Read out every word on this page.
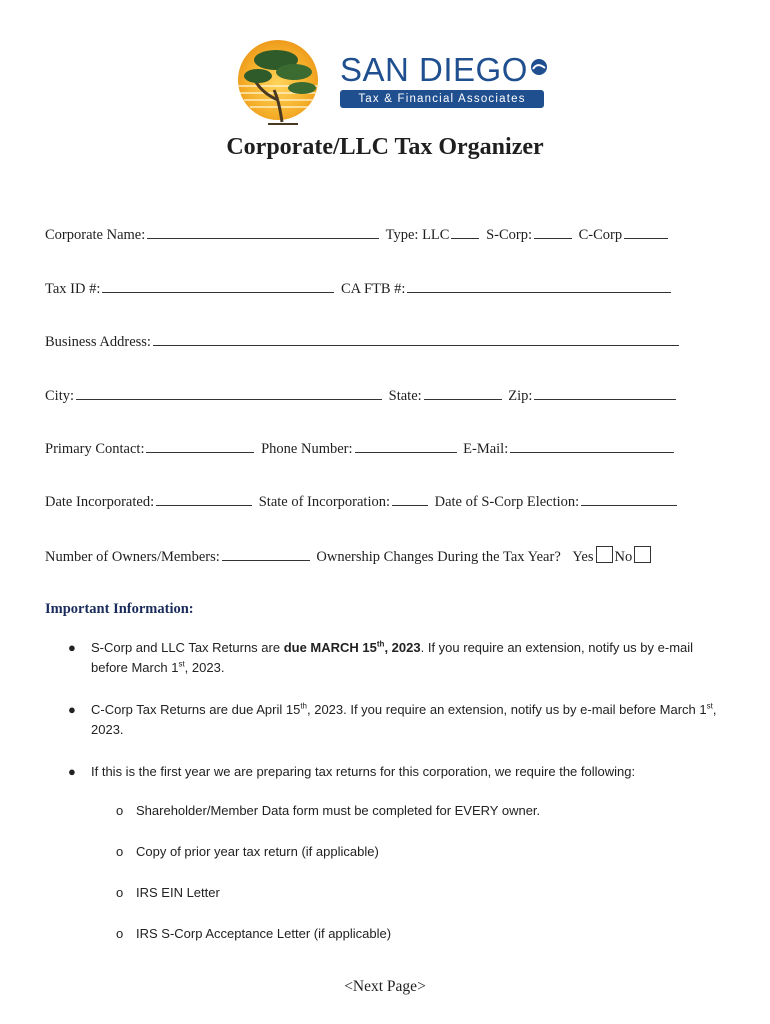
SAN DIEGO
Tax & Financial Associates
Corporate/LLC Tax Organizer
Corporate Name:	Type: LLC	S-Corp:	C-Corp
Tax ID #:	CA FTB #:
Business Address:
City:	State:	Zip:
Primary Contact:	Phone Number:	E-Mail:
Date Incorporated:	State of Incorporation:	Date of S-Corp Election:
Number of Owners/Members:	Ownership Changes During the Tax Year? Yes No
Important Information:
● S-Corp and LLC Tax Returns are due MARCH 15th, 2023. If you require an extension, notify us by e-mail before March 1st, 2023.
● C-Corp Tax Returns are due April 15th, 2023. If you require an extension, notify us by e-mail before March 1st, 2023.
● If this is the first year we are preparing tax returns for this corporation, we require the following:
o Shareholder/Member Data form must be completed for EVERY owner.
o Copy of prior year tax return (if applicable)
o IRS EIN Letter
o IRS S-Corp Acceptance Letter (if applicable)
<Next Page>
